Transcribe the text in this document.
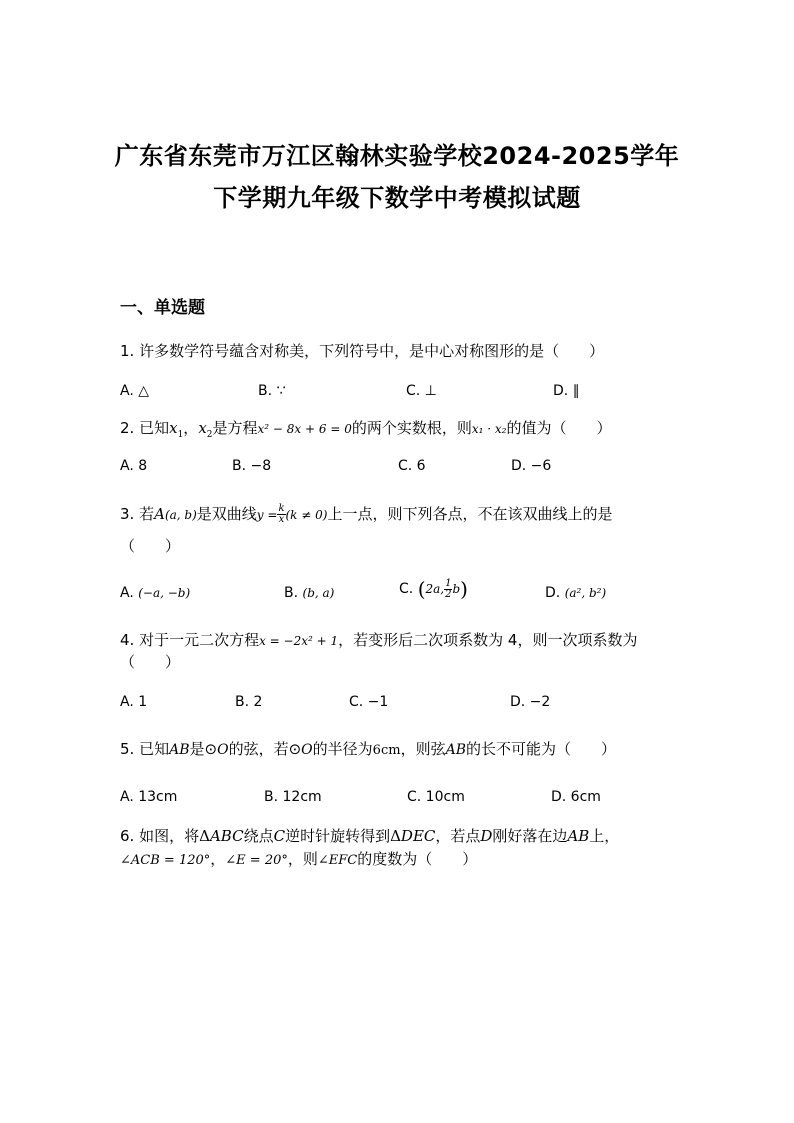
广东省东莞市万江区翰林实验学校2024-2025学年
下学期九年级下数学中考模拟试题
一、单选题
1. 许多数学符号蕴含对称美，下列符号中，是中心对称图形的是（　　）
A. △	B. ∵	C. ⊥	D. ∥
2. 已知$x_1$，$x_2$是方程x² − 8x + 6 = 0的两个实数根，则x₁ · x₂的值为（　　）
A. 8	B. −8	C. 6	D. −6
3. 若A(a, b)是双曲线$y = \frac{k}{x} (k \ne 0)$上一点，则下列各点，不在该双曲线上的是
（　　）
A. (−a, −b)	B. (b, a)	C. (2a, $\frac{1}{2} b$)	D. (a², b²)
4. 对于一元二次方程x = −2x² + 1，若变形后二次项系数为 4，则一次项系数为
（　　）
A. 1	B. 2	C. −1	D. −2
5. 已知AB是⊙O的弦，若⊙O的半径为6cm，则弦AB的长不可能为（　　）
A. 13cm	B. 12cm	C. 10cm	D. 6cm
6. 如图，将ΔABC绕点C逆时针旋转得到ΔDEC，若点D刚好落在边AB上，
∠ACB = 120°，∠E = 20°，则∠EFC的度数为（　　）
